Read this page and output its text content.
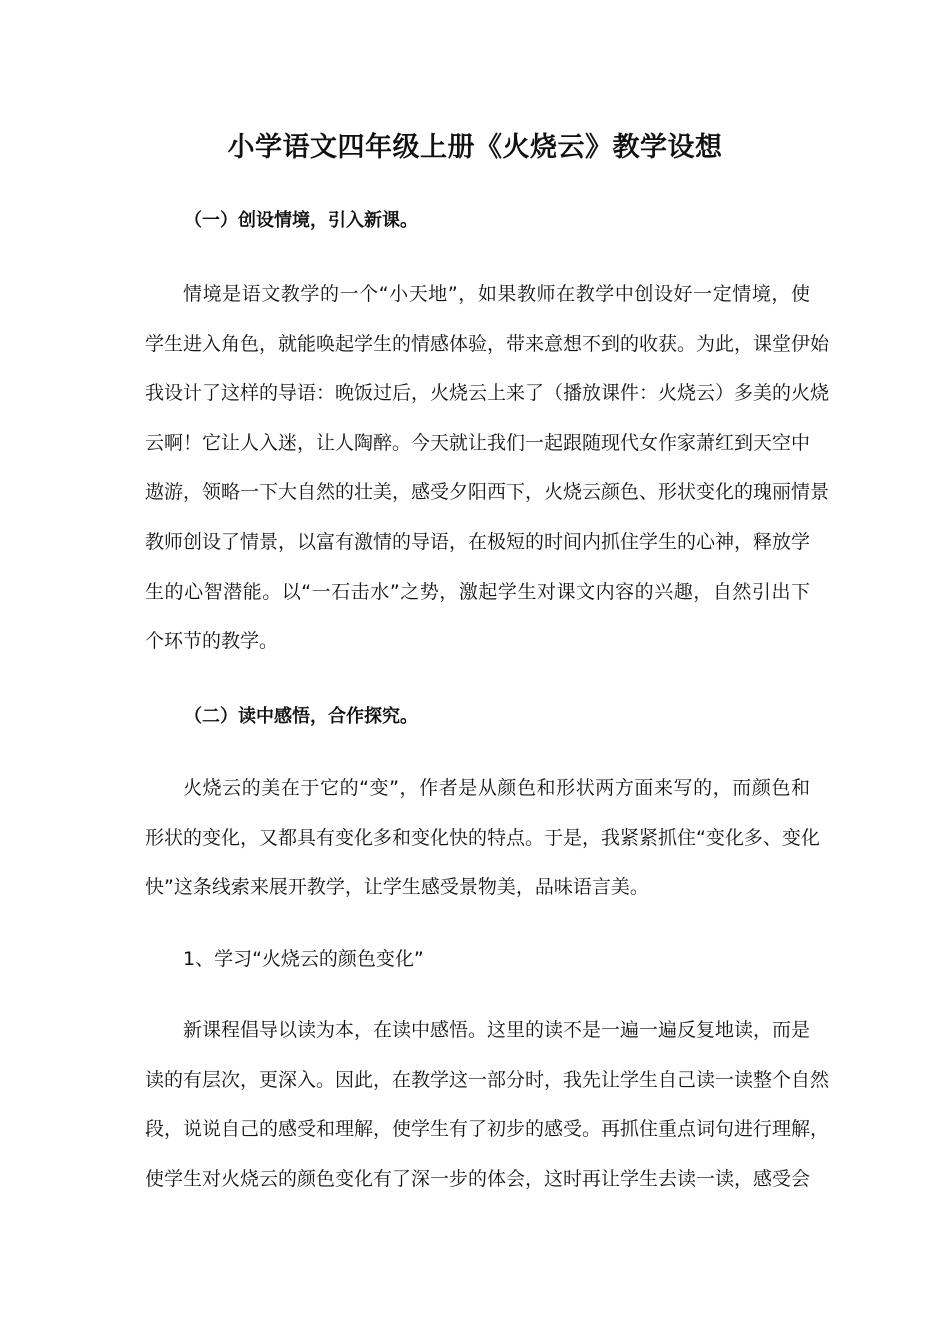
小学语文四年级上册《火烧云》教学设想
（一）创设情境，引入新课。
情境是语文教学的一个“小天地”，如果教师在教学中创设好一定情境，使
学生进入角色，就能唤起学生的情感体验，带来意想不到的收获。为此，课堂伊始
我设计了这样的导语：晚饭过后，火烧云上来了（播放课件：火烧云）多美的火烧
云啊！它让人入迷，让人陶醉。今天就让我们一起跟随现代女作家萧红到天空中
遨游，领略一下大自然的壮美，感受夕阳西下，火烧云颜色、形状变化的瑰丽情景
教师创设了情景，以富有激情的导语，在极短的时间内抓住学生的心神，释放学
生的心智潜能。以“一石击水”之势，激起学生对课文内容的兴趣，自然引出下
个环节的教学。
（二）读中感悟，合作探究。
火烧云的美在于它的“变”，作者是从颜色和形状两方面来写的，而颜色和
形状的变化，又都具有变化多和变化快的特点。于是，我紧紧抓住“变化多、变化
快”这条线索来展开教学，让学生感受景物美，品味语言美。
1、学习“火烧云的颜色变化”
新课程倡导以读为本，在读中感悟。这里的读不是一遍一遍反复地读，而是
读的有层次，更深入。因此，在教学这一部分时，我先让学生自己读一读整个自然
段，说说自己的感受和理解，使学生有了初步的感受。再抓住重点词句进行理解，
使学生对火烧云的颜色变化有了深一步的体会，这时再让学生去读一读，感受会
